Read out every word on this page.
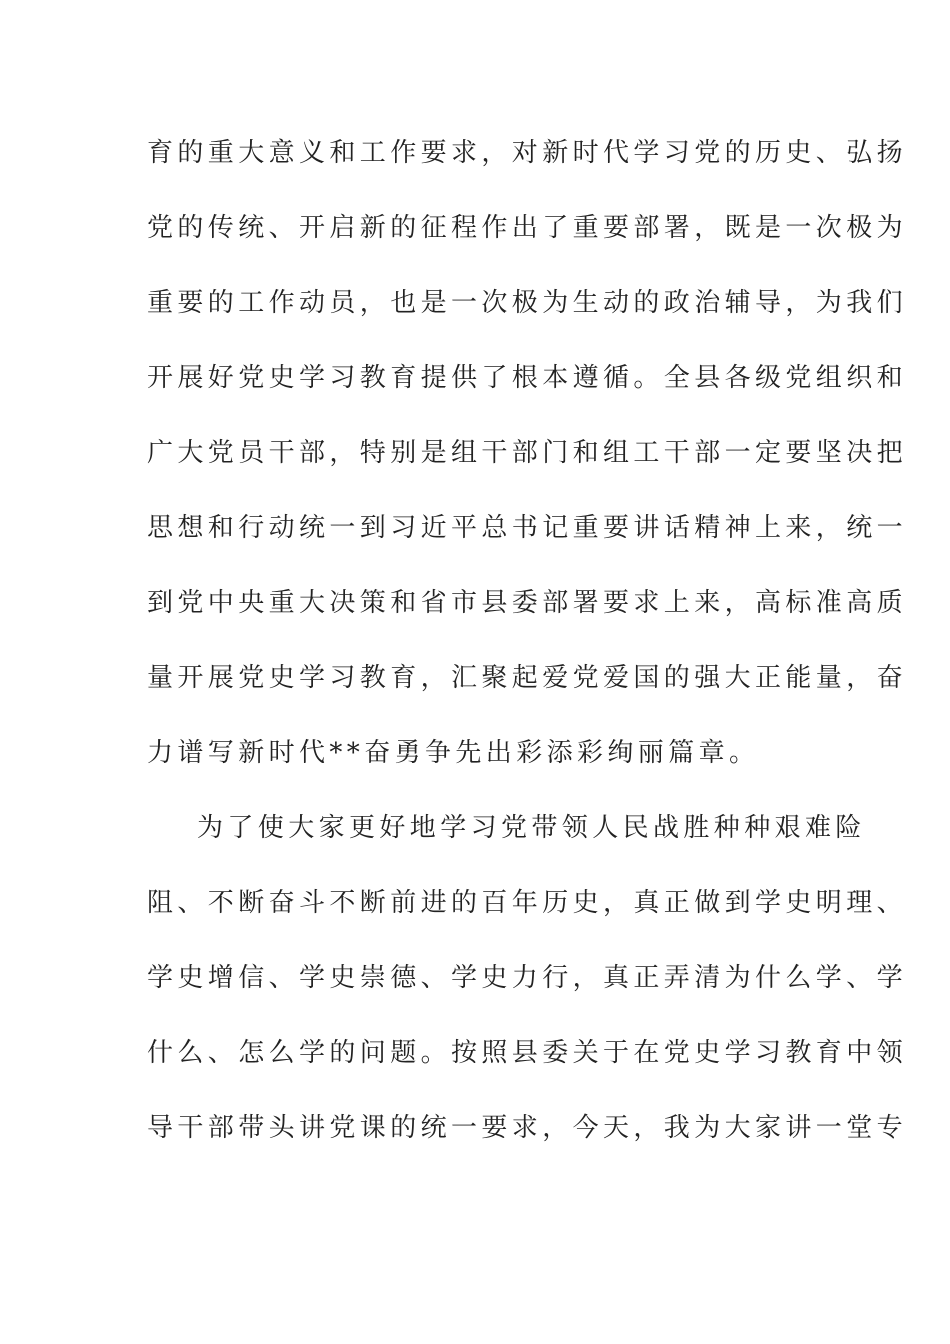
育的重大意义和工作要求，对新时代学习党的历史、弘扬
党的传统、开启新的征程作出了重要部署，既是一次极为
重要的工作动员，也是一次极为生动的政治辅导，为我们
开展好党史学习教育提供了根本遵循。全县各级党组织和
广大党员干部，特别是组干部门和组工干部一定要坚决把
思想和行动统一到习近平总书记重要讲话精神上来，统一
到党中央重大决策和省市县委部署要求上来，高标准高质
量开展党史学习教育，汇聚起爱党爱国的强大正能量，奋
力谱写新时代**奋勇争先出彩添彩绚丽篇章。
为了使大家更好地学习党带领人民战胜种种艰难险
阻、不断奋斗不断前进的百年历史，真正做到学史明理、
学史增信、学史崇德、学史力行，真正弄清为什么学、学
什么、怎么学的问题。按照县委关于在党史学习教育中领
导干部带头讲党课的统一要求，今天，我为大家讲一堂专
